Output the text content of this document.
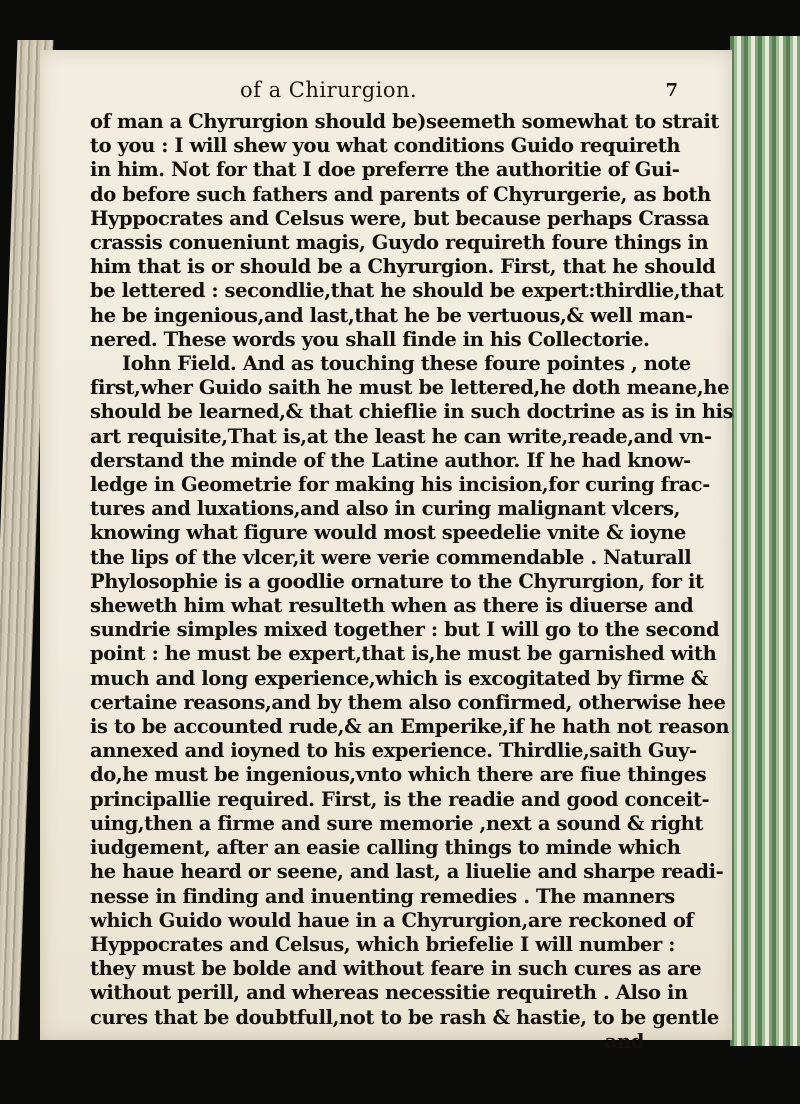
of a Chirurgion.	7
of man a Chyrurgion should be)seemeth somewhat to strait
to you : I will shew you what conditions Guido requireth
in him. Not for that I doe preferre the authoritie of Gui-
do before such fathers and parents of Chyrurgerie, as both
Hyppocrates and Celsus were, but because perhaps Crassa
crassis conueniunt magis, Guydo requireth foure things in
him that is or should be a Chyrurgion. First, that he should
be lettered : secondlie,that he should be expert:thirdlie,that
he be ingenious,and last,that he be vertuous,& well man-
nered. These words you shall finde in his Collectorie.
Iohn Field. And as touching these foure pointes , note
first,wher Guido saith he must be lettered,he doth meane,he
should be learned,& that chieflie in such doctrine as is in his
art requisite,That is,at the least he can write,reade,and vn-
derstand the minde of the Latine author. If he had know-
ledge in Geometrie for making his incision,for curing frac-
tures and luxations,and also in curing malignant vlcers,
knowing what figure would most speedelie vnite & ioyne
the lips of the vlcer,it were verie commendable . Naturall
Phylosophie is a goodlie ornature to the Chyrurgion, for it
sheweth him what resulteth when as there is diuerse and
sundrie simples mixed together : but I will go to the second
point : he must be expert,that is,he must be garnished with
much and long experience,which is excogitated by firme &
certaine reasons,and by them also confirmed, otherwise hee
is to be accounted rude,& an Emperike,if he hath not reason
annexed and ioyned to his experience. Thirdlie,saith Guy-
do,he must be ingenious,vnto which there are fiue thinges
principallie required. First, is the readie and good conceit-
uing,then a firme and sure memorie ,next a sound & right
iudgement, after an easie calling things to minde which
he haue heard or seene, and last, a liuelie and sharpe readi-
nesse in finding and inuenting remedies . The manners
which Guido would haue in a Chyrurgion,are reckoned of
Hyppocrates and Celsus, which briefelie I will number :
they must be bolde and without feare in such cures as are
without perill, and whereas necessitie requireth . Also in
cures that be doubtfull,not to be rash & hastie, to be gentle
and
